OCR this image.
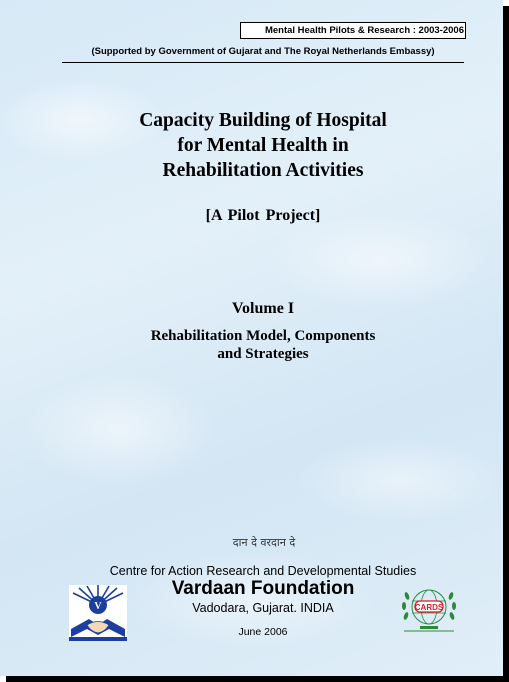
Mental Health Pilots & Research : 2003-2006
(Supported by Government of Gujarat and The Royal Netherlands Embassy)
Capacity Building of Hospital
for Mental Health in
Rehabilitation Activities
[A Pilot Project]
Volume I
Rehabilitation Model, Components
and Strategies
दान दे वरदान दे
Centre for Action Research and Developmental Studies
Vardaan Foundation
Vadodara, Gujarat. INDIA
June 2006
V	CARDS
